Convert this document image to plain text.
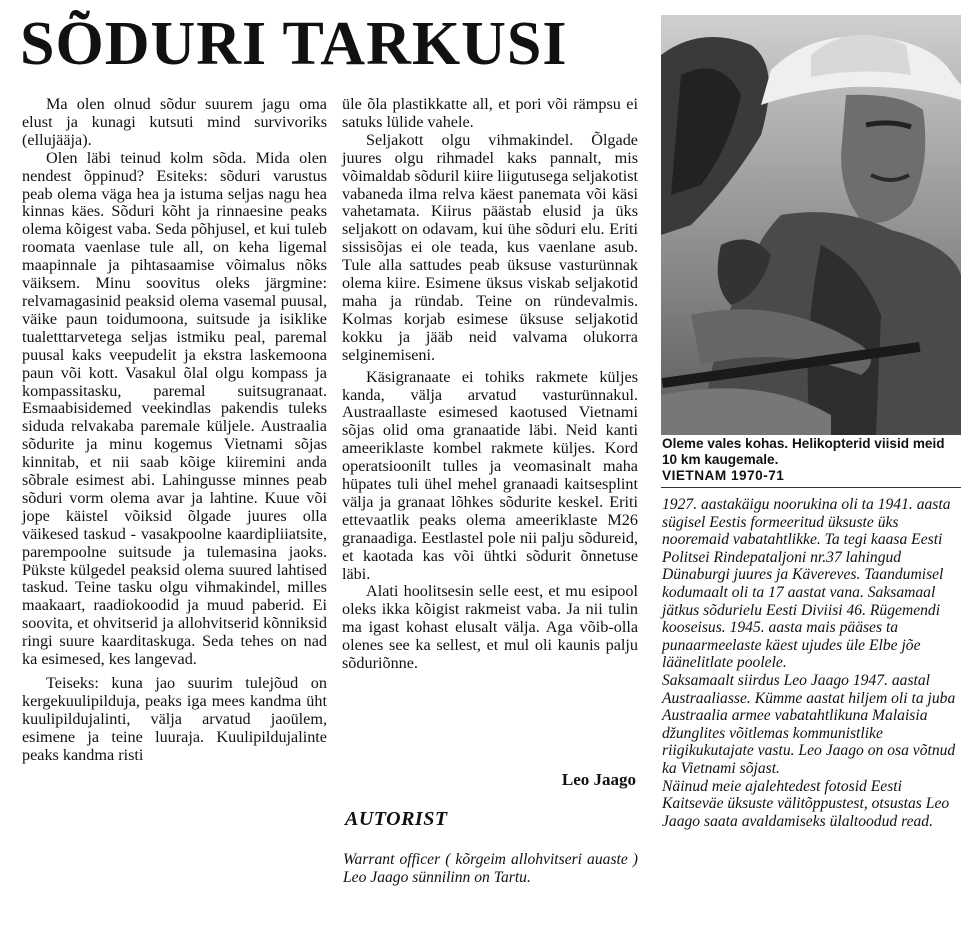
SÕDURI TARKUSI

Ma olen olnud sõdur suurem jagu oma elust ja kunagi kutsuti mind survivoriks (ellujääja).

Olen läbi teinud kolm sõda. Mida olen nendest õppinud? Esiteks: sõduri varustus peab olema väga hea ja istuma seljas nagu hea kinnas käes. Sõduri kõht ja rinnaesine peaks olema kõigest vaba. Seda põhjusel, et kui tuleb roomata vaenlase tule all, on keha ligemal maapinnale ja pihtasaamise võimalus nõks väiksem. Minu soovitus oleks järgmine: relvamagasinid peaksid olema vasemal puusal, väike paun toidumoona, suitsude ja isiklike tualetttarvetega seljas istmiku peal, paremal puusal kaks veepudelit ja ekstra laskemoona paun või kott. Vasakul õlal olgu kompass ja kompassitasku, paremal suitsugranaat. Esmaabisidemed veekindlas pakendis tuleks siduda relvakaba paremale küljele. Austraalia sõdurite ja minu kogemus Vietnami sõjas kinnitab, et nii saab kõige kiiremini anda sõbrale esimest abi. Lahingusse minnes peab sõduri vorm olema avar ja lahtine. Kuue või jope käistel võiksid õlgade juures olla väikesed taskud - vasakpoolne kaardipliiatsite, parempoolne suitsude ja tulemasina jaoks. Pükste külgedel peaksid olema suured lahtised taskud. Teine tasku olgu vihmakindel, milles maakaart, raadiokoodid ja muud paberid. Ei soovita, et ohvitserid ja allohvitserid kõnniksid ringi suure kaarditaskuga. Seda tehes on nad ka esimesed, kes langevad.

Teiseks: kuna jao suurim tulejõud on kergekuulipilduja, peaks iga mees kandma üht kuulipildujalinti, välja arvatud jaoülem, esimene ja teine luuraja. Kuulipildujalinte peaks kandma risti

üle õla plastikkatte all, et pori või rämpsu ei satuks lülide vahele.

Seljakott olgu vihmakindel. Õlgade juures olgu rihmadel kaks pannalt, mis võimaldab sõduril kiire liigutusega seljakotist vabaneda ilma relva käest panemata või käsi vahetamata. Kiirus päästab elusid ja üks seljakott on odavam, kui ühe sõduri elu. Eriti sissisõjas ei ole teada, kus vaenlane asub. Tule alla sattudes peab üksuse vasturünnak olema kiire. Esimene üksus viskab seljakotid maha ja ründab. Teine on ründevalmis. Kolmas korjab esimese üksuse seljakotid kokku ja jääb neid valvama olukorra selginemiseni.

Käsigranaate ei tohiks rakmete küljes kanda, välja arvatud vasturünnakul. Austraallaste esimesed kaotused Vietnami sõjas olid oma granaatide läbi. Neid kanti ameeriklaste kombel rakmete küljes. Kord operatsioonilt tulles ja veomasinalt maha hüpates tuli ühel mehel granaadi kaitsesplint välja ja granaat lõhkes sõdurite keskel. Eriti ettevaatlik peaks olema ameeriklaste M26 granaadiga. Eestlastel pole nii palju sõdureid, et kaotada kas või ühtki sõdurit õnnetuse läbi.

Alati hoolitsesin selle eest, et mu esipool oleks ikka kõigist rakmeist vaba. Ja nii tulin ma igast kohast elusalt välja. Aga võib-olla olenes see ka sellest, et mul oli kaunis palju sõduriõnne.

Leo Jaago
AUTORIST
Warrant officer ( kõrgeim allohvitseri auaste ) Leo Jaago sünnilinn on Tartu.
Oleme vales kohas. Helikopterid viisid meid 10 km kaugemale.
VIETNAM 1970-71

1927. aastakäigu noorukina oli ta 1941. aasta sügisel Eestis formeeritud üksuste üks nooremaid vabatahtlikke. Ta tegi kaasa Eesti Politsei Rindepataljoni nr.37 lahingud Dünaburgi juures ja Kävereves. Taandumisel kodumaalt oli ta 17 aastat vana. Saksamaal jätkus sõdurielu Eesti Diviisi 46. Rügemendi kooseisus. 1945. aasta mais pääses ta punaarmeelaste käest ujudes üle Elbe jõe läänelitlate poolele.

Saksamaalt siirdus Leo Jaago 1947. aastal Austraaliasse. Kümme aastat hiljem oli ta juba Austraalia armee vabatahtlikuna Malaisia džunglites võitlemas kommunistlike riigikukutajate vastu. Leo Jaago on osa võtnud ka Vietnami sõjast.

Näinud meie ajalehtedest fotosid Eesti Kaitseväe üksuste välitõppustest, otsustas Leo Jaago saata avaldamiseks ülaltoodud read.
